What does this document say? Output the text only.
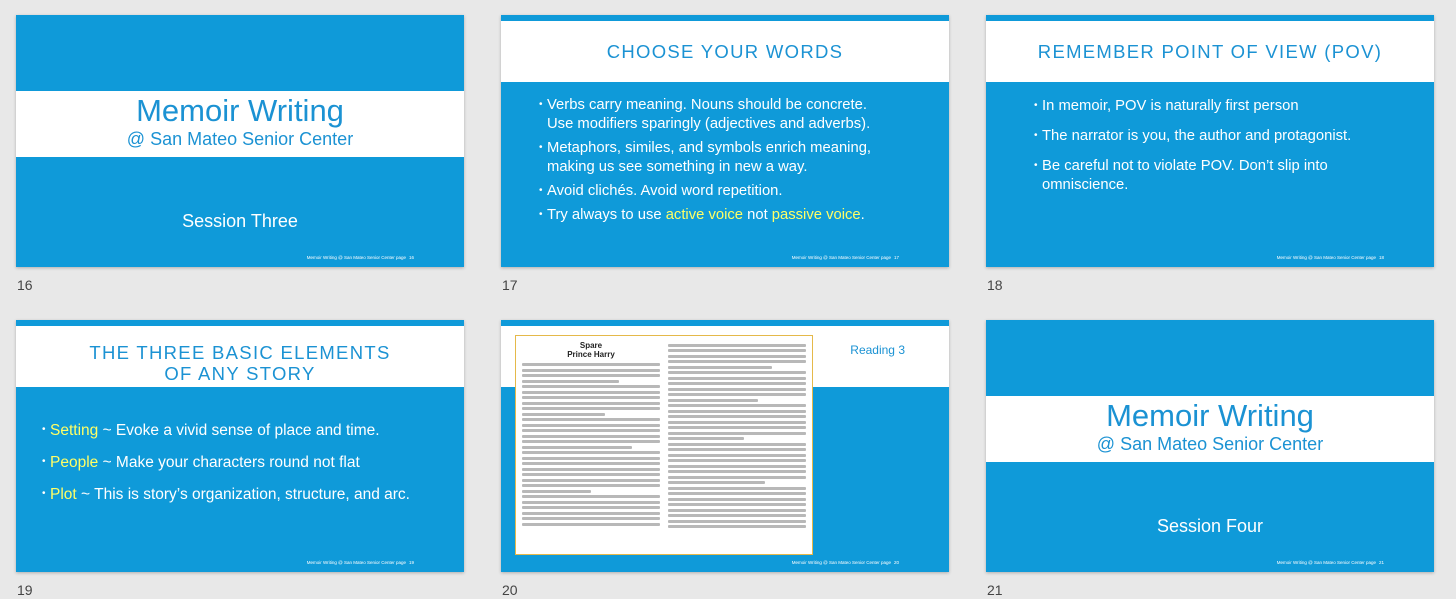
Memoir Writing
@ San Mateo Senior Center
Session Three
Memoir Writing @ San Mateo Senior Center page 16
16
CHOOSE YOUR WORDS
• Verbs carry meaning. Nouns should be concrete.
Use modifiers sparingly (adjectives and adverbs).
• Metaphors, similes, and symbols enrich meaning,
making us see something in new a way.
• Avoid clichés. Avoid word repetition.
• Try always to use active voice not passive voice.
Memoir Writing @ San Mateo Senior Center page 17
17
REMEMBER POINT OF VIEW (POV)
• In memoir, POV is naturally first person
• The narrator is you, the author and protagonist.
• Be careful not to violate POV. Don’t slip into
omniscience.
Memoir Writing @ San Mateo Senior Center page 18
18
THE THREE BASIC ELEMENTS
OF ANY STORY
• Setting ~ Evoke a vivid sense of place and time.
• People ~ Make your characters round not flat
• Plot ~ This is story’s organization, structure, and arc.
Memoir Writing @ San Mateo Senior Center page 19
19
Spare
Prince Harry	Reading 3
Memoir Writing @ San Mateo Senior Center page 20
20
Memoir Writing
@ San Mateo Senior Center
Session Four
Memoir Writing @ San Mateo Senior Center page 21
21
